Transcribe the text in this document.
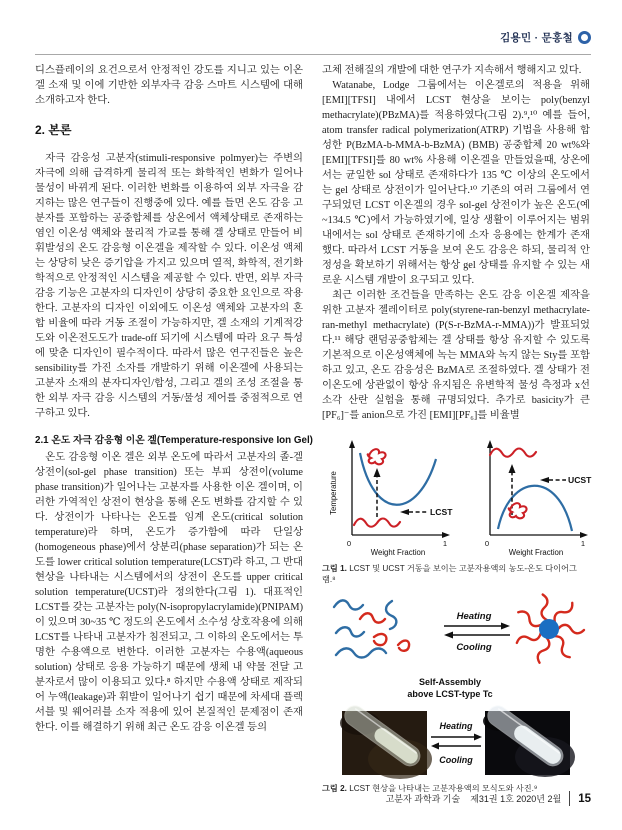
김용민 · 문홍철

디스플레이의 요건으로서 안정적인 강도를 지니고 있는 이온겔 소재 및 이에 기반한 외부자극 감응 스마트 시스템에 대해 소개하고자 한다.

2. 본론

자극 감응성 고분자(stimuli-responsive polmyer)는 주변의 자극에 의해 급격하게 물리적 또는 화학적인 변화가 일어나 물성이 바뀌게 된다. 이러한 변화를 이용하여 외부 자극을 감지하는 많은 연구들이 진행중에 있다. 예를 들면 온도 감응 고분자를 포함하는 공중합체를 상온에서 액체상태로 존재하는 염인 이온성 액체와 물리적 가교를 통해 겔 상태로 만들어 비휘발성의 온도 감응형 이온겔을 제작할 수 있다. 이온성 액체는 상당히 낮은 증기압을 가지고 있으며 열적, 화학적, 전기화학적으로 안정적인 시스템을 제공할 수 있다. 반면, 외부 자극 감응 기능은 고분자의 디자인이 상당히 중요한 요인으로 작용한다. 고분자의 디자인 이외에도 이온성 액체와 고분자의 혼합 비율에 따라 거동 조절이 가능하지만, 겔 소재의 기계적강도와 이온전도도가 trade-off 되기에 시스템에 따라 요구 특성에 맞춘 디자인이 필수적이다. 따라서 많은 연구진들은 높은 sensibility를 가진 소자를 개발하기 위해 이온겔에 사용되는 고분자 소재의 분자디자인/합성, 그리고 겔의 조성 조절을 통한 외부 자극 감응 시스템의 거동/물성 제어를 중점적으로 연구하고 있다.

2.1 온도 자극 감응형 이온 겔(Temperature-responsive Ion Gel)

온도 감응형 이온 겔은 외부 온도에 따라서 고분자의 졸-겔 상전이(sol-gel phase transition) 또는 부피 상전이(volume phase transition)가 일어나는 고분자를 사용한 이온 겔이며, 이러한 가역적인 상전이 현상을 통해 온도 변화를 감지할 수 있다. 상전이가 나타나는 온도를 임계 온도(critical solution temperature)라 하며, 온도가 증가함에 따라 단일상(homogeneous phase)에서 상분리(phase separation)가 되는 온도를 lower critical solution temperature(LCST)라 하고, 그 반대 현상을 나타내는 시스템에서의 상전이 온도를 upper critical solution temperature(UCST)라 정의한다(그림 1). 대표적인 LCST를 갖는 고분자는 poly(N-isopropylacrylamide)(PNIPAM) 이 있으며 30~35 ℃ 정도의 온도에서 소수성 상호작용에 의해 LCST를 나타내 고분자가 침전되고, 그 이하의 온도에서는 투명한 수용액으로 변한다. 이러한 고분자는 수용액(aqueous solution) 상태로 응용 가능하기 때문에 생체 내 약물 전달 고분자로서 많이 이용되고 있다.⁸ 하지만 수용액 상태로 제작되어 누액(leakage)과 휘발이 일어나기 쉽기 때문에 차세대 플렉서블 및 웨어러블 소자 적용에 있어 본질적인 문제점이 존재한다. 이를 해결하기 위해 최근 온도 감응 이온겔 등의

고체 전해질의 개발에 대한 연구가 지속해서 행해지고 있다.

Watanabe, Lodge 그룹에서는 이온겔로의 적용을 위해 [EMI][TFSI] 내에서 LCST 현상을 보이는 poly(benzyl methacrylate)(PBzMA)를 적용하였다(그림 2).⁹,¹⁰ 예를 들어, atom transfer radical polymerization(ATRP) 기법을 사용해 합성한 P(BzMA-b-MMA-b-BzMA) (BMB) 공중합체 20 wt%와 [EMI][TFSI]를 80 wt% 사용해 이온겔을 만들었을때, 상온에서는 균일한 sol 상태로 존재하다가 135 ℃ 이상의 온도에서는 gel 상태로 상전이가 일어난다.¹⁰ 기존의 여러 그룹에서 연구되었던 LCST 이온겔의 경우 sol-gel 상전이가 높은 온도(예 ~134.5 ℃)에서 가능하였기에, 일상 생활이 이루어지는 범위내에서는 sol 상태로 존재하기에 소자 응용에는 한계가 존재했다. 따라서 LCST 거동을 보여 온도 감응은 하되, 물리적 안정성을 확보하기 위해서는 항상 gel 상태를 유지할 수 있는 새로운 시스템 개발이 요구되고 있다.

최근 이러한 조건들을 만족하는 온도 감응 이온겔 제작을 위한 고분자 젤레이터로 poly(styrene-ran-benzyl methacrylate-ran-methyl methacrylate) (P(S-r-BzMA-r-MMA))가 발표되었다.¹¹ 해당 랜덤공중합체는 겔 상태를 항상 유지할 수 있도록 기본적으로 이온성액체에 녹는 MMA와 녹지 않는 Sty를 포함하고 있고, 온도 감응성은 BzMA로 조절하였다. 겔 상태가 전이온도에 상관없이 항상 유지됨은 유변학적 물성 측정과 x선 소각 산란 실험을 통해 규명되었다. 추가로 basicity가 큰 [PF₆]⁻를 anion으로 가진 [EMI][PF₆]를 비율별

LCST
0	1
Weight Fraction
Temperature	UCST
0	1
Weight Fraction
그림 1. LCST 및 UCST 거동을 보이는 고분자용액의 농도-온도 다이어그램.⁸
Heating
Cooling
Self-Assembly
above LCST-type Tc
Heating
Cooling
그림 2. LCST 현상을 나타내는 고분자용액의 모식도와 사진.⁹
고분자 과학과 기술 제31권 1호 2020년 2월 15
